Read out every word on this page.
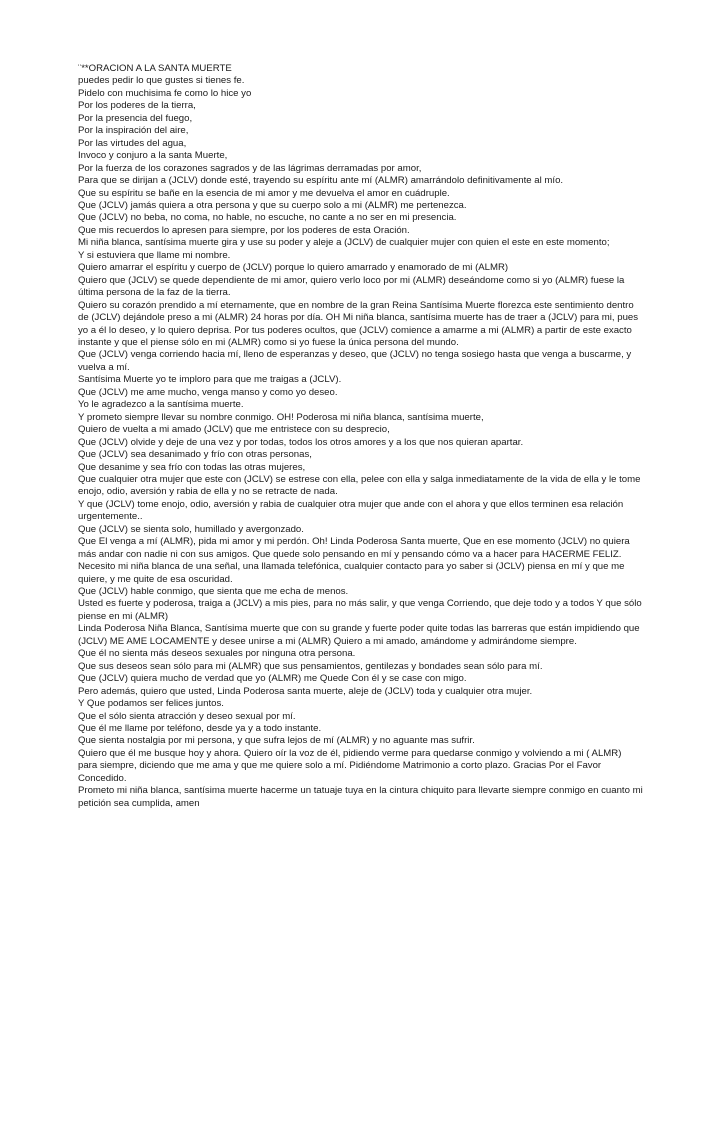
¨**ORACION A LA SANTA MUERTE
puedes pedir lo que gustes si tienes fe.
Pidelo con muchisima fe como lo hice yo
Por los poderes de la tierra,
Por la presencia del fuego,
Por la inspiración del aire,
Por las virtudes del agua,
Invoco y conjuro a la santa Muerte,
Por la fuerza de los corazones sagrados y de las lágrimas derramadas por amor,
Para que se dirijan a (JCLV) donde esté, trayendo su espíritu ante mí (ALMR) amarrándolo definitivamente al mío.
Que su espíritu se bañe en la esencia de mi amor y me devuelva el amor en cuádruple.
Que (JCLV) jamás quiera a otra persona y que su cuerpo solo a mi (ALMR) me pertenezca.
Que (JCLV) no beba, no coma, no hable, no escuche, no cante a no ser en mi presencia.
Que mis recuerdos lo apresen para siempre, por los poderes de esta Oración.
Mi niña blanca, santísima muerte gira y use su poder y aleje a (JCLV) de cualquier mujer con quien el este en este momento;
Y si estuviera que llame mi nombre.
Quiero amarrar el espíritu y cuerpo de (JCLV) porque lo quiero amarrado y enamorado de mi (ALMR)
Quiero que (JCLV) se quede dependiente de mi amor, quiero verlo loco por mi (ALMR) deseándome como si yo (ALMR) fuese la
última persona de la faz de la tierra.
Quiero su corazón prendido a mí eternamente, que en nombre de la gran Reina Santísima Muerte florezca este sentimiento dentro
de (JCLV) dejándole preso a mi (ALMR) 24 horas por día. OH Mi niña blanca, santísima muerte has de traer a (JCLV) para mi, pues
yo a él lo deseo, y lo quiero deprisa. Por tus poderes ocultos, que (JCLV) comience a amarme a mi (ALMR) a partir de este exacto
instante y que el piense sólo en mi (ALMR) como si yo fuese la única persona del mundo.
Que (JCLV) venga corriendo hacia mí, lleno de esperanzas y deseo, que (JCLV) no tenga sosiego hasta que venga a buscarme, y
vuelva a mí.
Santísima Muerte yo te imploro para que me traigas a (JCLV).
Que (JCLV) me ame mucho, venga manso y como yo deseo.
Yo le agradezco a la santísima muerte.
Y prometo siempre llevar su nombre conmigo. OH! Poderosa mi niña blanca, santísima muerte,
Quiero de vuelta a mi amado (JCLV) que me entristece con su desprecio,
Que (JCLV) olvide y deje de una vez y por todas, todos los otros amores y a los que nos quieran apartar.
Que (JCLV) sea desanimado y frío con otras personas,
Que desanime y sea frío con todas las otras mujeres,
Que cualquier otra mujer que este con (JCLV) se estrese con ella, pelee con ella y salga inmediatamente de la vida de ella y le tome
enojo, odio, aversión y rabia de ella y no se retracte de nada.
Y que (JCLV) tome enojo, odio, aversión y rabia de cualquier otra mujer que ande con el ahora y que ellos terminen esa relación
urgentemente..
Que (JCLV) se sienta solo, humillado y avergonzado.
Que El venga a mí (ALMR), pida mi amor y mi perdón. Oh! Linda Poderosa Santa muerte, Que en ese momento (JCLV) no quiera
más andar con nadie ni con sus amigos. Que quede solo pensando en mí y pensando cómo va a hacer para HACERME FELIZ.
Necesito mi niña blanca de una señal, una llamada telefónica, cualquier contacto para yo saber si (JCLV) piensa en mí y que me
quiere, y me quite de esa oscuridad.
Que (JCLV) hable conmigo, que sienta que me echa de menos.
Usted es fuerte y poderosa, traiga a (JCLV) a mis pies, para no más salir, y que venga Corriendo, que deje todo y a todos Y que sólo
piense en mi (ALMR)
Linda Poderosa Niña Blanca, Santísima muerte que con su grande y fuerte poder quite todas las barreras que están impidiendo que
(JCLV) ME AME LOCAMENTE y desee unirse a mi (ALMR) Quiero a mi amado, amándome y admirándome siempre.
Que él no sienta más deseos sexuales por ninguna otra persona.
Que sus deseos sean sólo para mi (ALMR) que sus pensamientos, gentilezas y bondades sean sólo para mí.
Que (JCLV) quiera mucho de verdad que yo (ALMR) me Quede Con él y se case con migo.
Pero además, quiero que usted, Linda Poderosa santa muerte, aleje de (JCLV) toda y cualquier otra mujer.
Y Que podamos ser felices juntos.
Que el sólo sienta atracción y deseo sexual por mí.
Que él me llame por teléfono, desde ya y a todo instante.
Que sienta nostalgia por mi persona, y que sufra lejos de mí (ALMR) y no aguante mas sufrir.
Quiero que él me busque hoy y ahora. Quiero oír la voz de él, pidiendo verme para quedarse conmigo y volviendo a mi ( ALMR)
para siempre, diciendo que me ama y que me quiere solo a mí. Pidiéndome Matrimonio a corto plazo. Gracias Por el Favor
Concedido.
Prometo mi niña blanca, santísima muerte hacerme un tatuaje tuya en la cintura chiquito para llevarte siempre conmigo en cuanto mi
petición sea cumplida, amen
